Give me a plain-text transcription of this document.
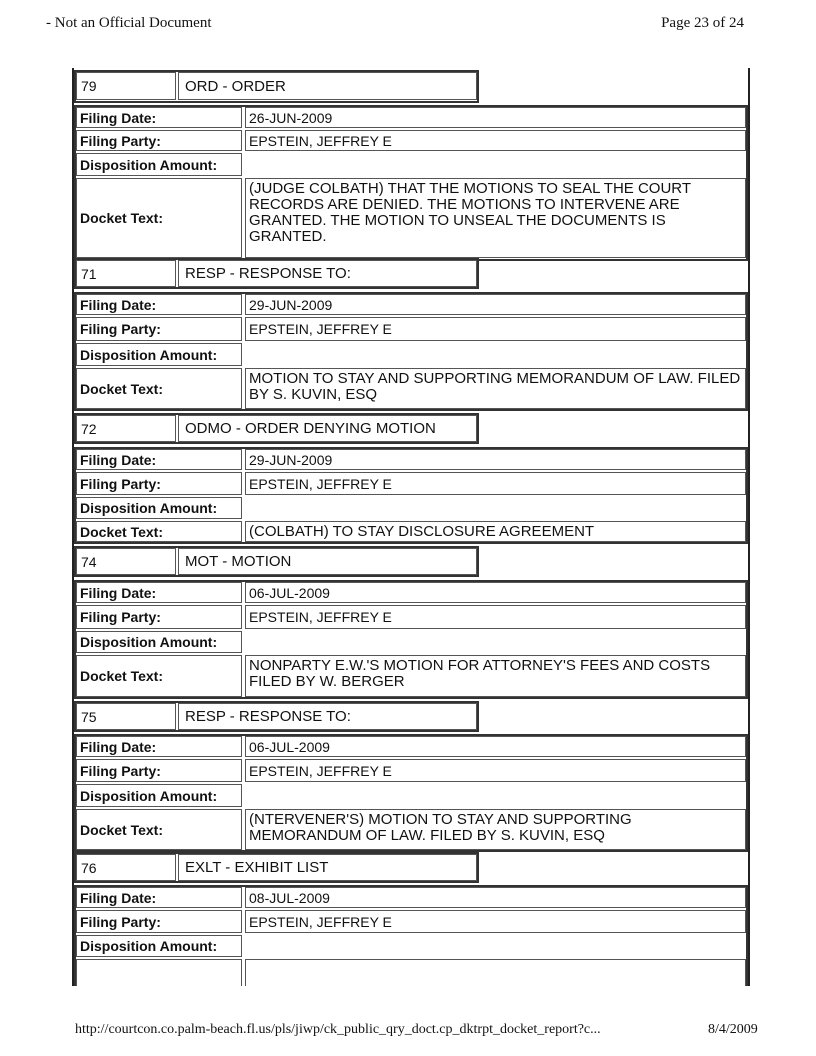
- Not an Official Document	Page 23 of 24
79	ORD - ORDER
Filing Date:	26-JUN-2009
Filing Party:	EPSTEIN, JEFFREY E
Disposition Amount:
Docket Text:
(JUDGE COLBATH) THAT THE MOTIONS TO SEAL THE COURT RECORDS ARE DENIED. THE MOTIONS TO INTERVENE ARE GRANTED. THE MOTION TO UNSEAL THE DOCUMENTS IS GRANTED.
71	RESP - RESPONSE TO:
Filing Date:	29-JUN-2009
Filing Party:	EPSTEIN, JEFFREY E
Disposition Amount:
Docket Text:
MOTION TO STAY AND SUPPORTING MEMORANDUM OF LAW. FILED BY S. KUVIN, ESQ
72	ODMO - ORDER DENYING MOTION
Filing Date:	29-JUN-2009
Filing Party:	EPSTEIN, JEFFREY E
Disposition Amount:
Docket Text:	(COLBATH) TO STAY DISCLOSURE AGREEMENT
74	MOT - MOTION
Filing Date:	06-JUL-2009
Filing Party:	EPSTEIN, JEFFREY E
Disposition Amount:
Docket Text:
NONPARTY E.W.'S MOTION FOR ATTORNEY'S FEES AND COSTS FILED BY W. BERGER
75	RESP - RESPONSE TO:
Filing Date:	06-JUL-2009
Filing Party:	EPSTEIN, JEFFREY E
Disposition Amount:
Docket Text:
(NTERVENER'S) MOTION TO STAY AND SUPPORTING MEMORANDUM OF LAW. FILED BY S. KUVIN, ESQ
76	EXLT - EXHIBIT LIST
Filing Date:	08-JUL-2009
Filing Party:	EPSTEIN, JEFFREY E
Disposition Amount:
http://courtcon.co.palm-beach.fl.us/pls/jiwp/ck_public_qry_doct.cp_dktrpt_docket_report?c...	8/4/2009
